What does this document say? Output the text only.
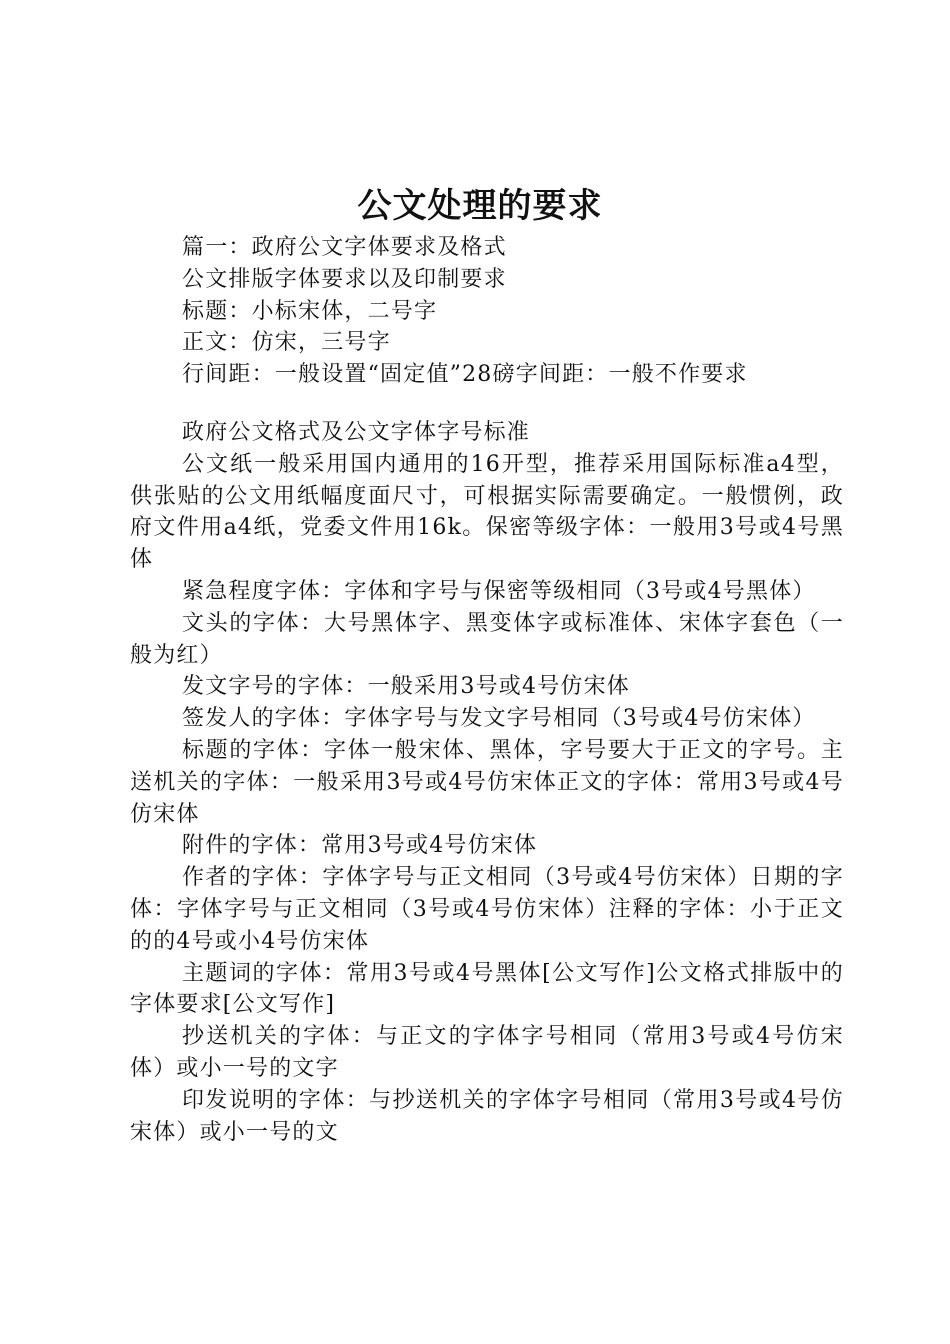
公文处理的要求

篇一：政府公文字体要求及格式

公文排版字体要求以及印制要求

标题：小标宋体，二号字

正文：仿宋，三号字

行间距：一般设置“固定值”28磅字间距：一般不作要求

政府公文格式及公文字体字号标准

公文纸一般采用国内通用的16开型，推荐采用国际标准a4型，供张贴的公文用纸幅度面尺寸，可根据实际需要确定。一般惯例，政府文件用a4纸，党委文件用16k。保密等级字体：一般用3号或4号黑体

紧急程度字体：字体和字号与保密等级相同（3号或4号黑体）

文头的字体：大号黑体字、黑变体字或标准体、宋体字套色（一般为红）

发文字号的字体：一般采用3号或4号仿宋体

签发人的字体：字体字号与发文字号相同（3号或4号仿宋体）

标题的字体：字体一般宋体、黑体，字号要大于正文的字号。主送机关的字体：一般采用3号或4号仿宋体正文的字体：常用3号或4号仿宋体

附件的字体：常用3号或4号仿宋体

作者的字体：字体字号与正文相同（3号或4号仿宋体）日期的字体：字体字号与正文相同（3号或4号仿宋体）注释的字体：小于正文的的4号或小4号仿宋体

主题词的字体：常用3号或4号黑体[公文写作]公文格式排版中的字体要求[公文写作]

抄送机关的字体：与正文的字体字号相同（常用3号或4号仿宋体）或小一号的文字

印发说明的字体：与抄送机关的字体字号相同（常用3号或4号仿宋体）或小一号的文
